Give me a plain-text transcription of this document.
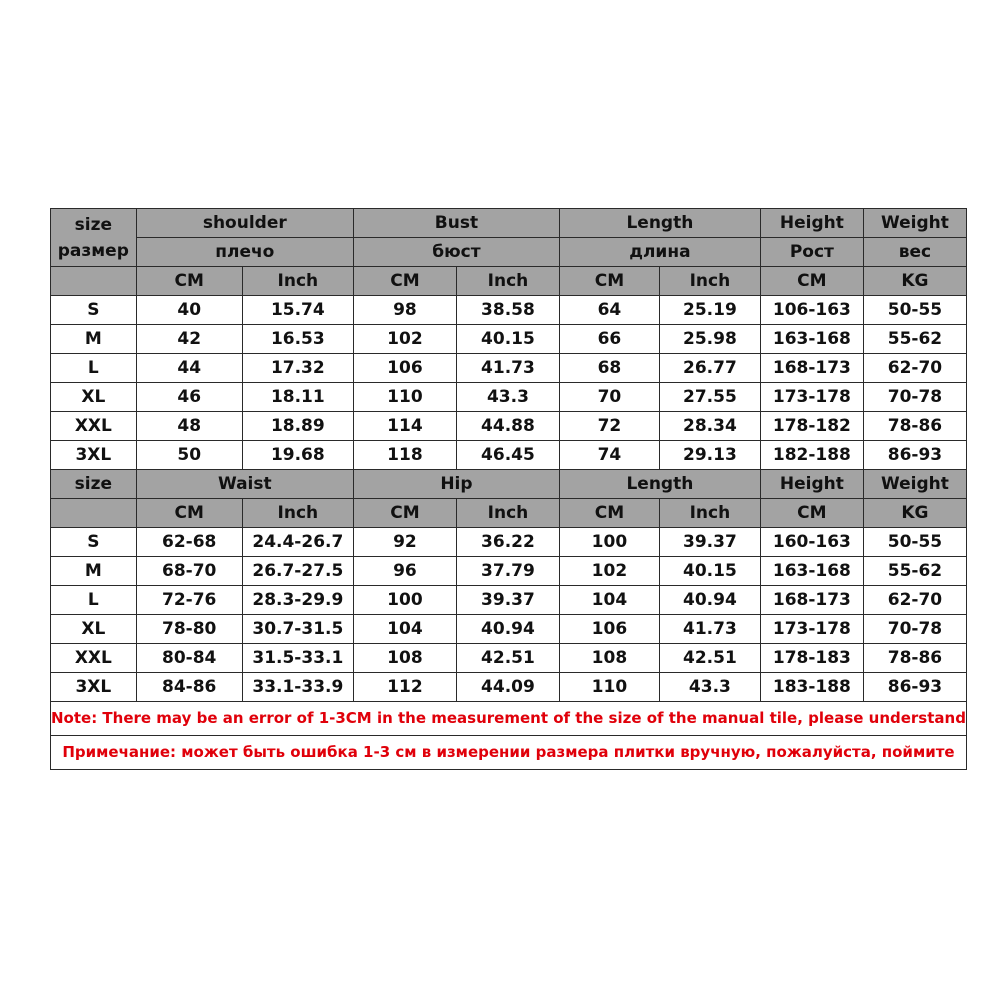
size
размер	shoulder		Bust		Length		Height	Weight
	плечо		бюст		длина		Рост	вес
	CM	Inch	CM	Inch	CM	Inch	CM	KG
S	40	15.74	98	38.58	64	25.19	106-163	50-55
M	42	16.53	102	40.15	66	25.98	163-168	55-62
L	44	17.32	106	41.73	68	26.77	168-173	62-70
XL	46	18.11	110	43.3	70	27.55	173-178	70-78
XXL	48	18.89	114	44.88	72	28.34	178-182	78-86
3XL	50	19.68	118	46.45	74	29.13	182-188	86-93
size	Waist		Hip		Length		Height	Weight
	CM	Inch	CM	Inch	CM	Inch	CM	KG
S	62-68	24.4-26.7	92	36.22	100	39.37	160-163	50-55
M	68-70	26.7-27.5	96	37.79	102	40.15	163-168	55-62
L	72-76	28.3-29.9	100	39.37	104	40.94	168-173	62-70
XL	78-80	30.7-31.5	104	40.94	106	41.73	173-178	70-78
XXL	80-84	31.5-33.1	108	42.51	108	42.51	178-183	78-86
3XL	84-86	33.1-33.9	112	44.09	110	43.3	183-188	86-93
Note: There may be an error of 1-3CM in the measurement of the size of the manual tile, please understand								
Примечание: может быть ошибка 1-3 см в измерении размера плитки вручную, пожалуйста, поймите								
